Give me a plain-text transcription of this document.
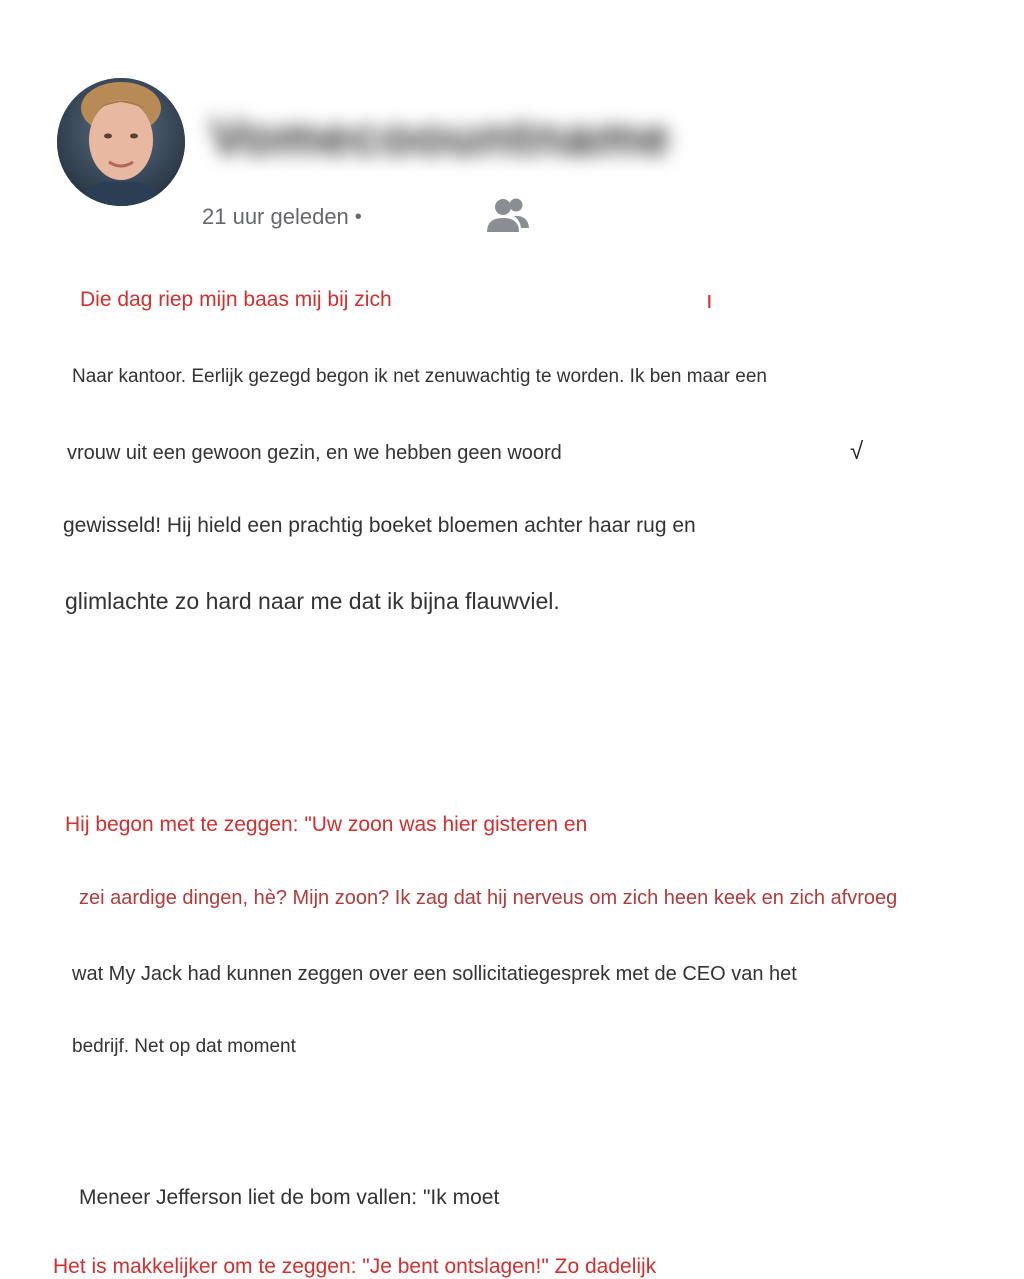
Vomecoountname
21 uur geleden •
Die dag riep mijn baas mij bij zich	ı
Naar kantoor. Eerlijk gezegd begon ik net zenuwachtig te worden. Ik ben maar een
vrouw uit een gewoon gezin, en we hebben geen woord	√
gewisseld! Hij hield een prachtig boeket bloemen achter haar rug en
glimlachte zo hard naar me dat ik bijna flauwviel.
Hij begon met te zeggen: "Uw zoon was hier gisteren en
zei aardige dingen, hè? Mijn zoon? Ik zag dat hij nerveus om zich heen keek en zich afvroeg
wat My Jack had kunnen zeggen over een sollicitatiegesprek met de CEO van het
bedrijf. Net op dat moment
Meneer Jefferson liet de bom vallen: "Ik moet
Het is makkelijker om te zeggen: "Je bent ontslagen!" Zo dadelijk
